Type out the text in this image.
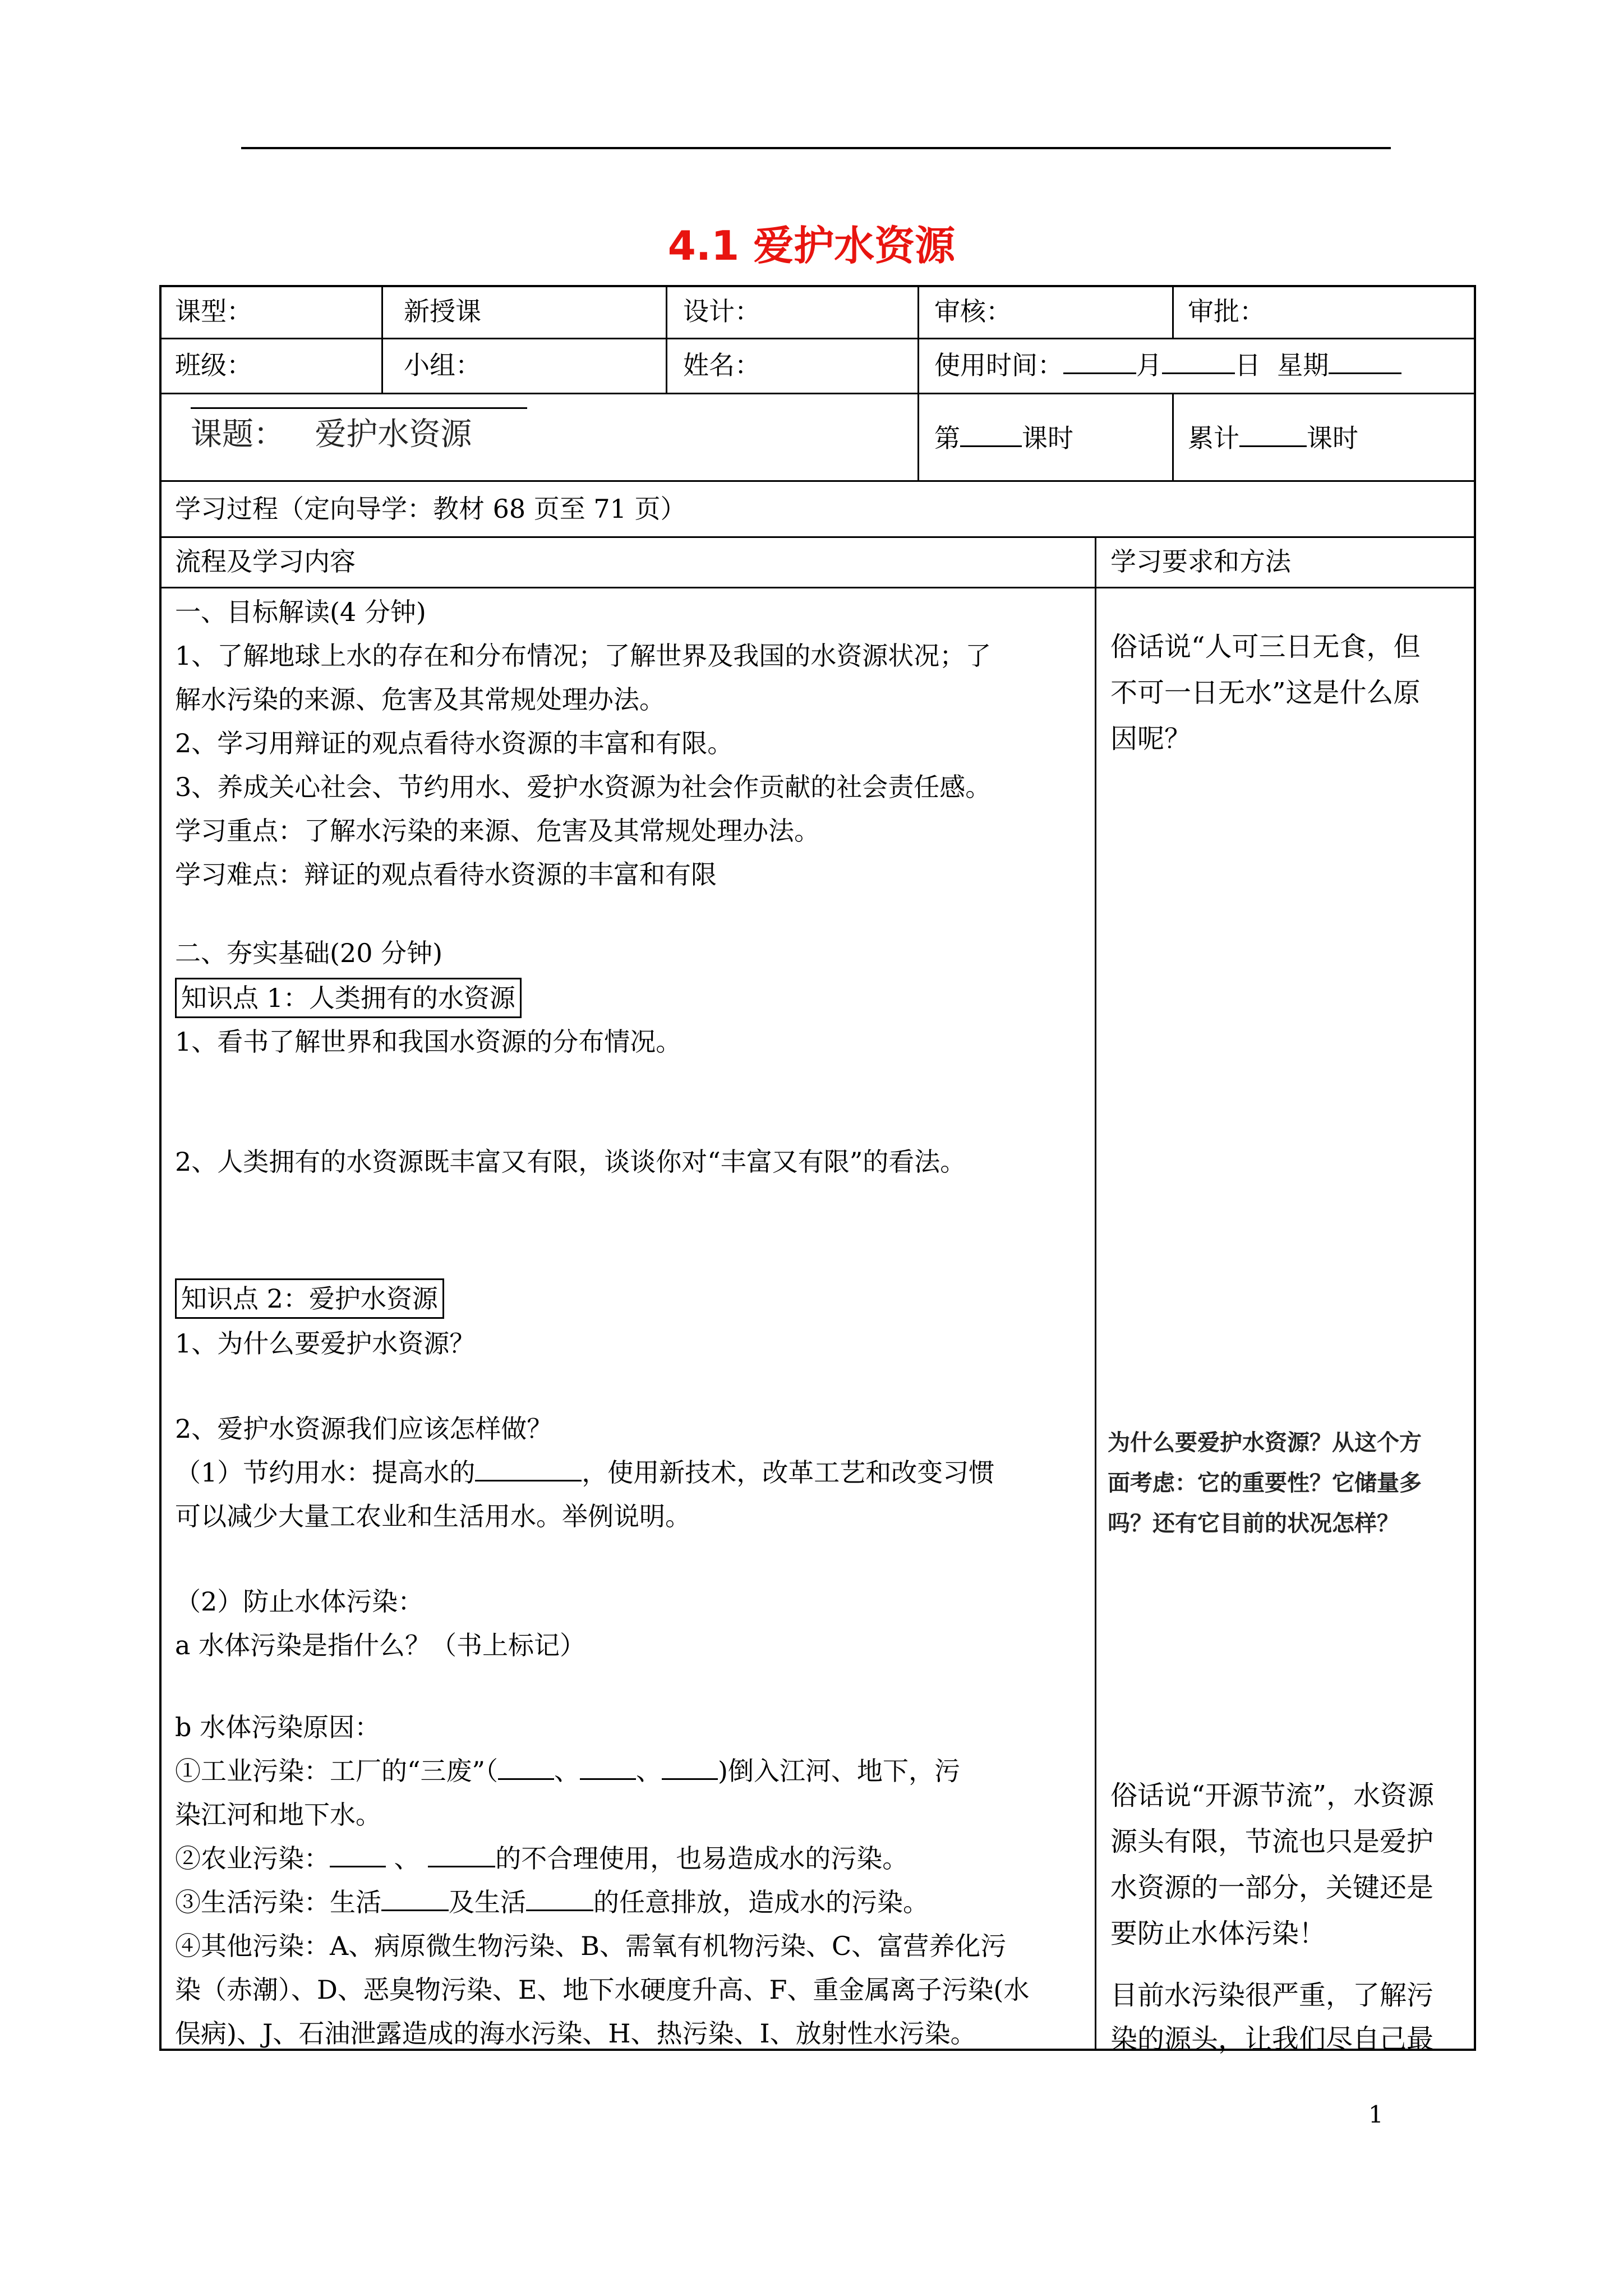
4.1 爱护水资源
课型：	新授课	设计：	审核：	审批：
班级：	小组：	姓名：	使用时间：	月	日 星期
课题：   爱护水资源	第 课时	累计	课时
学习过程（定向导学：教材 68 页至 71 页）
流程及学习内容	学习要求和方法
一、目标解读(4 分钟)
1、了解地球上水的存在和分布情况；了解世界及我国的水资源状况；了
解水污染的来源、危害及其常规处理办法。
2、学习用辩证的观点看待水资源的丰富和有限。
3、养成关心社会、节约用水、爱护水资源为社会作贡献的社会责任感。
学习重点：了解水污染的来源、危害及其常规处理办法。
学习难点：辩证的观点看待水资源的丰富和有限
二、夯实基础(20 分钟)
知识点 1：人类拥有的水资源
1、看书了解世界和我国水资源的分布情况。
2、人类拥有的水资源既丰富又有限，谈谈你对“丰富又有限”的看法。
知识点 2：爱护水资源
1、为什么要爱护水资源？
2、爱护水资源我们应该怎样做？
（1）节约用水：提高水的	，使用新技术，改革工艺和改变习惯
可以减少大量工农业和生活用水。举例说明。
（2）防止水体污染：
a 水体污染是指什么？（书上标记）
b 水体污染原因：
①工业污染：工厂的“三废”（ 、 、 )倒入江河、地下，污
染江河和地下水。
②农业污染： 、	的不合理使用，也易造成水的污染。
③生活污染：生活	及生活	的任意排放，造成水的污染。
④其他污染：A、病原微生物污染、B、需氧有机物污染、C、富营养化污
染（赤潮）、D、恶臭物污染、E、地下水硬度升高、F、重金属离子污染(水
俣病)、J、石油泄露造成的海水污染、H、热污染、I、放射性水污染。
俗话说“人可三日无食，但
不可一日无水”这是什么原
因呢？
为什么要爱护水资源？从这个方
面考虑：它的重要性？它储量多
吗？还有它目前的状况怎样？
俗话说“开源节流”，水资源
源头有限，节流也只是爱护
水资源的一部分，关键还是
要防止水体污染！
目前水污染很严重，了解污
染的源头，让我们尽自己最
1
